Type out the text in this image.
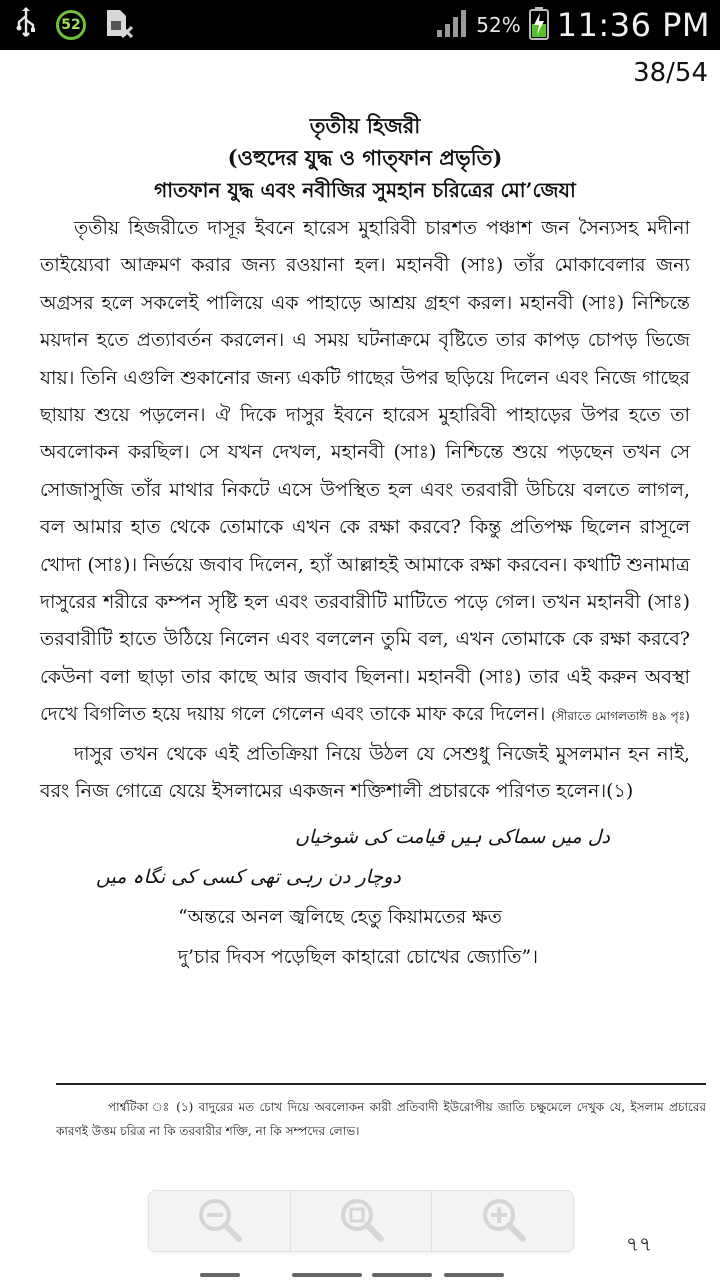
52	52% 11:36 PM
38/54

তৃতীয় হিজরী

(ওহুদের যুদ্ধ ও গাত্‌ফান প্রভৃতি)

গাতফান যুদ্ধ এবং নবীজির সুমহান চরিত্রের মো’জেযা

তৃতীয় হিজরীতে দাসূর ইবনে হারেস মুহারিবী চারশত পঞ্চাশ জন সৈন্যসহ মদীনা তাইয়্যেবা আক্রমণ করার জন্য রওয়ানা হল। মহানবী (সাঃ) তাঁর মোকাবেলার জন্য অগ্রসর হলে সকলেই পালিয়ে এক পাহাড়ে আশ্রয় গ্রহণ করল। মহানবী (সাঃ) নিশ্চিন্তে ময়দান হতে প্রত্যাবর্তন করলেন। এ সময় ঘটনাক্রমে বৃষ্টিতে তার কাপড় চোপড় ভিজে যায়। তিনি এগুলি শুকানোর জন্য একটি গাছের উপর ছড়িয়ে দিলেন এবং নিজে গাছের ছায়ায় শুয়ে পড়লেন। ঐ দিকে দাসুর ইবনে হারেস মুহারিবী পাহাড়ের উপর হতে তা অবলোকন করছিল। সে যখন দেখল, মহানবী (সাঃ) নিশ্চিন্তে শুয়ে পড়ছেন তখন সে সোজাসুজি তাঁর মাথার নিকটে এসে উপস্থিত হল এবং তরবারী উচিয়ে বলতে লাগল, বল আমার হাত থেকে তোমাকে এখন কে রক্ষা করবে? কিন্তু প্রতিপক্ষ ছিলেন রাসূলে খোদা (সাঃ)। নির্ভয়ে জবাব দিলেন, হ্যাঁ আল্লাহই আমাকে রক্ষা করবেন। কথাটি শুনামাত্র দাসুরের শরীরে কম্পন সৃষ্টি হল এবং তরবারীটি মাটিতে পড়ে গেল। তখন মহানবী (সাঃ) তরবারীটি হাতে উঠিয়ে নিলেন এবং বললেন তুমি বল, এখন তোমাকে কে রক্ষা করবে? কেউনা বলা ছাড়া তার কাছে আর জবাব ছিলনা। মহানবী (সাঃ) তার এই করুন অবস্থা দেখে বিগলিত হয়ে দয়ায় গলে গেলেন এবং তাকে মাফ করে দিলেন। (সীরাতে মোগলতাঈ ৪৯ পৃঃ)

দাসুর তখন থেকে এই প্রতিক্রিয়া নিয়ে উঠল যে সেশুধু নিজেই মুসলমান হন নাই, বরং নিজ গোত্রে যেয়ে ইসলামের একজন শক্তিশালী প্রচারকে পরিণত হলেন।(১)

دل میں سماکی ہیں قیامت کی شوخیاں

دوچار دن رہی تھی کسی کی نگاہ میں

“অন্তরে অনল জ্বলিছে হেতু কিয়ামতের ক্ষত

দু’চার দিবস পড়েছিল কাহারো চোখের জ্যোতি”।

পার্শ্বটিকা ঃ (১) বাদুরের মত চোখ দিয়ে অবলোকন কারী প্রতিবাদী ইউরোপীয় জাতি চক্ষুমেলে দেখুক যে, ইসলাম প্রচারের কারণই উত্তম চরিত্র না কি তরবারীর শক্তি, না কি সম্পদের লোভ।

৭৭
